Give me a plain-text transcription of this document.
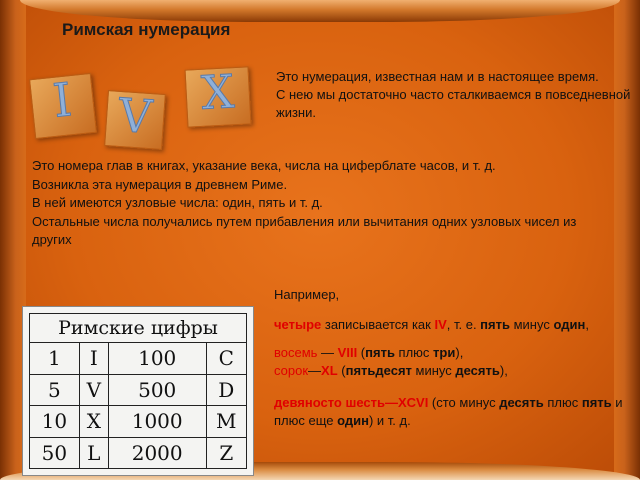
Римская нумерация
I V	X	Это нумерация, известная нам и в настоящее время.

С нею мы достаточно часто сталкиваемся в повседневной жизни.

Это номера глав в книгах, указание века, числа на циферблате часов, и т. д.

Возникла эта нумерация в древнем Риме.

В ней имеются узловые числа: один, пять и т. д.

Остальные числа получались путем прибавления или вычитания одних узловых чисел из других

Римские цифры			
1	I	100	C
5	V	500	D
10	X	1000	M
50	L	2000	Z

Например,

четыре записывается как IV, т. е. пять минус один,

восемь — VIII (пять плюс три),

сорок—XL (пятьдесят минус десять),

девяносто шесть—XCVI (сто минус десять плюс пять и плюс еще один) и т. д.
